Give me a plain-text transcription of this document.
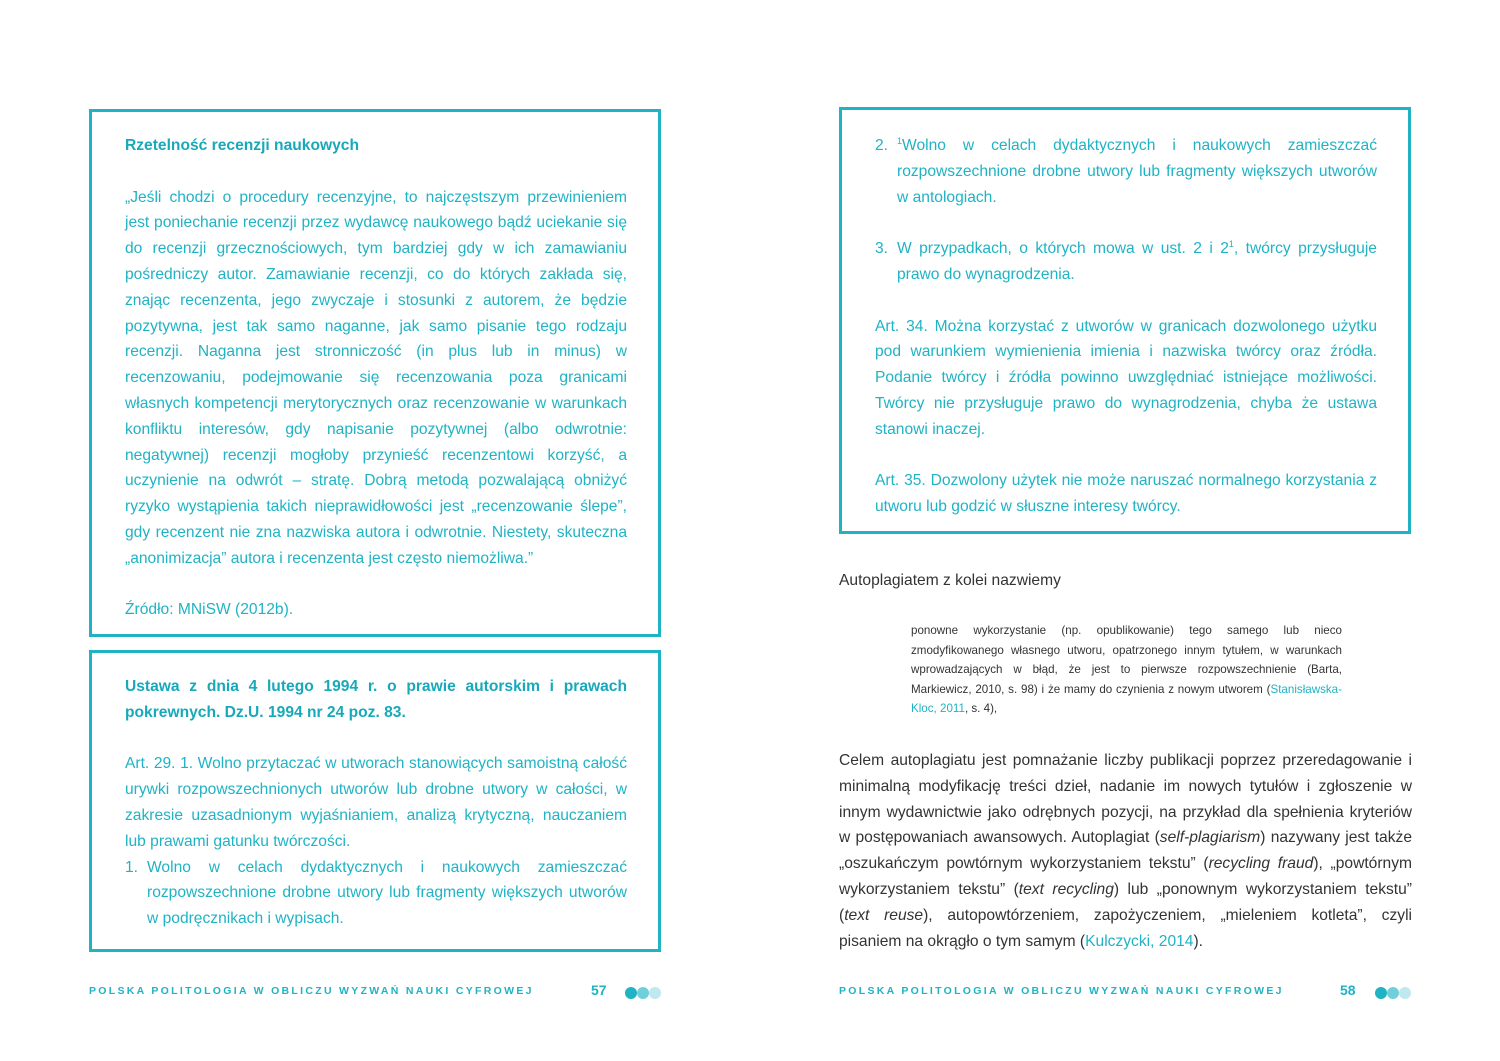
Rzetelność recenzji naukowych

„Jeśli chodzi o procedury recenzyjne, to najczęstszym przewinieniem jest poniechanie recenzji przez wydawcę naukowego bądź uciekanie się do recenzji grzecznościowych, tym bardziej gdy w ich zamawianiu pośredniczy autor. Zamawianie recenzji, co do których zakłada się, znając recenzenta, jego zwyczaje i stosunki z autorem, że będzie pozytywna, jest tak samo naganne, jak samo pisanie tego rodzaju recenzji. Naganna jest stronniczość (in plus lub in minus) w recenzowaniu, podejmowanie się recenzowania poza granicami własnych kompetencji merytorycznych oraz recenzowanie w warunkach konfliktu interesów, gdy napisanie pozytywnej (albo odwrotnie: negatywnej) recenzji mogłoby przynieść recenzentowi korzyść, a uczynienie na odwrót – stratę. Dobrą metodą pozwalającą obniżyć ryzyko wystąpienia takich nieprawidłowości jest „recenzowanie ślepe”, gdy recenzent nie zna nazwiska autora i odwrotnie. Niestety, skuteczna „anonimizacja” autora i recenzenta jest często niemożliwa.”

Źródło: MNiSW (2012b).

Ustawa z dnia 4 lutego 1994 r. o prawie autorskim i prawach pokrewnych. Dz.U. 1994 nr 24 poz. 83.

Art. 29. 1. Wolno przytaczać w utworach stanowiących samoistną całość urywki rozpowszechnionych utworów lub drobne utwory w całości, w zakresie uzasadnionym wyjaśnianiem, analizą krytyczną, nauczaniem lub prawami gatunku twórczości.

1. Wolno w celach dydaktycznych i naukowych zamieszczać rozpowszechnione drobne utwory lub fragmenty większych utworów w podręcznikach i wypisach.
POLSKA POLITOLOGIA W OBLICZU WYZWAŃ NAUKI CYFROWEJ	57
2. $^1$Wolno w celach dydaktycznych i naukowych zamieszczać rozpowszechnione drobne utwory lub fragmenty większych utworów w antologiach.
3. W przypadkach, o których mowa w ust. 2 i $2^1$, twórcy przysługuje prawo do wynagrodzenia.

Art. 34. Można korzystać z utworów w granicach dozwolonego użytku pod warunkiem wymienienia imienia i nazwiska twórcy oraz źródła. Podanie twórcy i źródła powinno uwzględniać istniejące możliwości. Twórcy nie przysługuje prawo do wynagrodzenia, chyba że ustawa stanowi inaczej.

Art. 35. Dozwolony użytek nie może naruszać normalnego korzystania z utworu lub godzić w słuszne interesy twórcy.

Autoplagiatem z kolei nazwiemy
ponowne wykorzystanie (np. opublikowanie) tego samego lub nieco zmodyfikowanego własnego utworu, opatrzonego innym tytułem, w warunkach wprowadzających w błąd, że jest to pierwsze rozpowszechnienie (Barta, Markiewicz, 2010, s. 98) i że mamy do czynienia z nowym utworem (Stanisławska-Kloc, 2011, s. 4),

Celem autoplagiatu jest pomnażanie liczby publikacji poprzez przeredagowanie i minimalną modyfikację treści dzieł, nadanie im nowych tytułów i zgłoszenie w innym wydawnictwie jako odrębnych pozycji, na przykład dla spełnienia kryteriów w postępowaniach awansowych. Autoplagiat (self-plagiarism) nazywany jest także „oszukańczym powtórnym wykorzystaniem tekstu” (recycling fraud), „powtórnym wykorzystaniem tekstu” (text recycling) lub „ponownym wykorzystaniem tekstu” (text reuse), autopowtórzeniem, zapożyczeniem, „mieleniem kotleta”, czyli pisaniem na okrągło o tym samym (Kulczycki, 2014).

POLSKA POLITOLOGIA W OBLICZU WYZWAŃ NAUKI CYFROWEJ	58
